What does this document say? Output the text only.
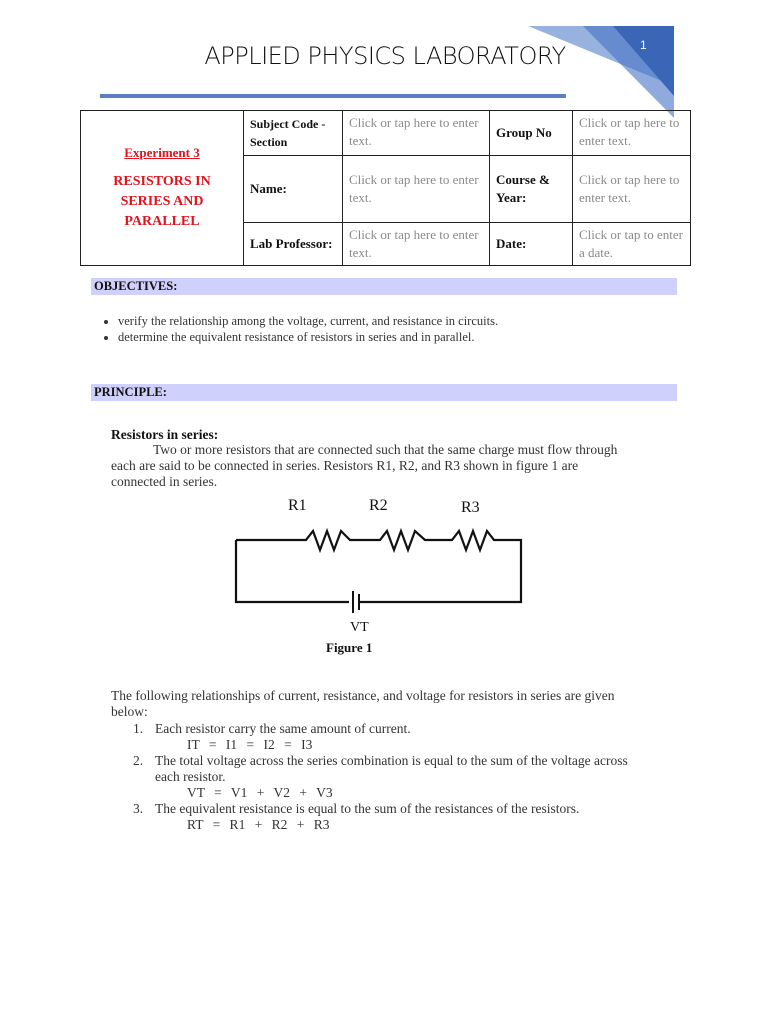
1
APPLIED PHYSICS LABORATORY
Experiment 3
RESISTORS IN SERIES AND PARALLEL	Subject Code - Section	Click or tap here to enter text.	Group No	Click or tap here to enter text.
	Name:	Click or tap here to enter text.	Course & Year:	Click or tap here to enter text.
	Lab Professor:	Click or tap here to enter text.	Date:	Click or tap to enter a date.
OBJECTIVES:
• verify the relationship among the voltage, current, and resistance in circuits.
• determine the equivalent resistance of resistors in series and in parallel.
PRINCIPLE:
Resistors in series:
Two or more resistors that are connected such that the same charge must flow through each are said to be connected in series. Resistors R1, R2, and R3 shown in figure 1 are connected in series.
R1	R2	R3
VT
Figure 1
The following relationships of current, resistance, and voltage for resistors in series are given below:
1. Each resistor carry the same amount of current.
IT = I1 = I2 = I3
2. The total voltage across the series combination is equal to the sum of the voltage across each resistor.
VT = V1 + V2 + V3
3. The equivalent resistance is equal to the sum of the resistances of the resistors.
RT = R1 + R2 + R3
